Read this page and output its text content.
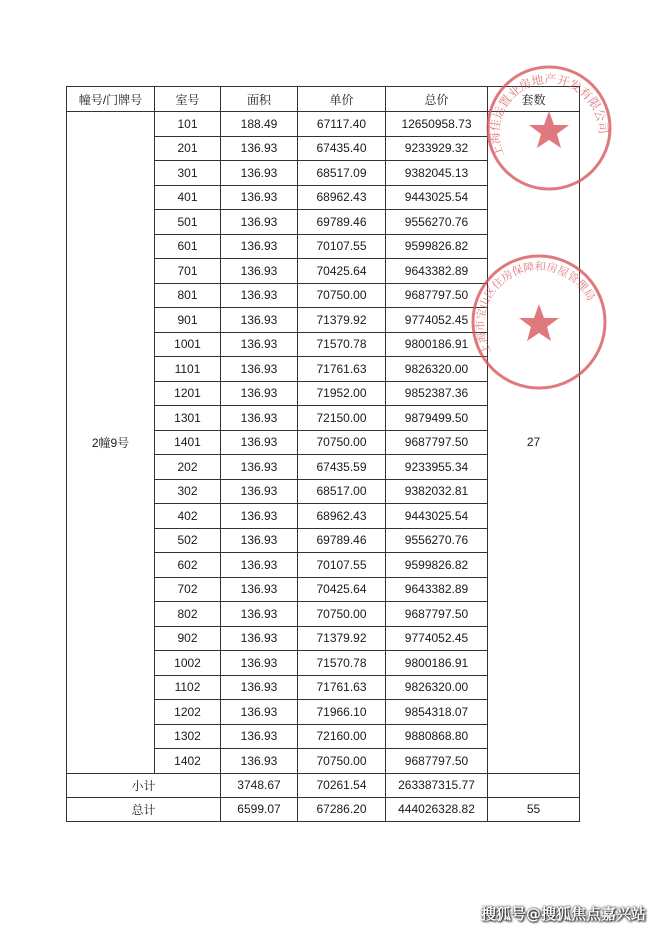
幢号/门牌号	室号	面积	单价	总价	套数
2幢9号	101	188.49	67117.40	12650958.73	27
	201	136.93	67435.40	9233929.32	
	301	136.93	68517.09	9382045.13	
	401	136.93	68962.43	9443025.54	
	501	136.93	69789.46	9556270.76	
	601	136.93	70107.55	9599826.82	
	701	136.93	70425.64	9643382.89	
	801	136.93	70750.00	9687797.50	
	901	136.93	71379.92	9774052.45	
	1001	136.93	71570.78	9800186.91	
	1101	136.93	71761.63	9826320.00	
	1201	136.93	71952.00	9852387.36	
	1301	136.93	72150.00	9879499.50	
	1401	136.93	70750.00	9687797.50	
	202	136.93	67435.59	9233955.34	
	302	136.93	68517.00	9382032.81	
	402	136.93	68962.43	9443025.54	
	502	136.93	69789.46	9556270.76	
	602	136.93	70107.55	9599826.82	
	702	136.93	70425.64	9643382.89	
	802	136.93	70750.00	9687797.50	
	902	136.93	71379.92	9774052.45	
	1002	136.93	71570.78	9800186.91	
	1102	136.93	71761.63	9826320.00	
	1202	136.93	71966.10	9854318.07	
	1302	136.93	72160.00	9880868.80	
	1402	136.93	70750.00	9687797.50	
小计		3748.67	70261.54	263387315.77	
总计		6599.07	67286.20	444026328.82	55
上海佳运置业房地产开发有限公司
上海市宝山区住房保障和房屋管理局
搜狐号@搜狐焦点嘉兴站
